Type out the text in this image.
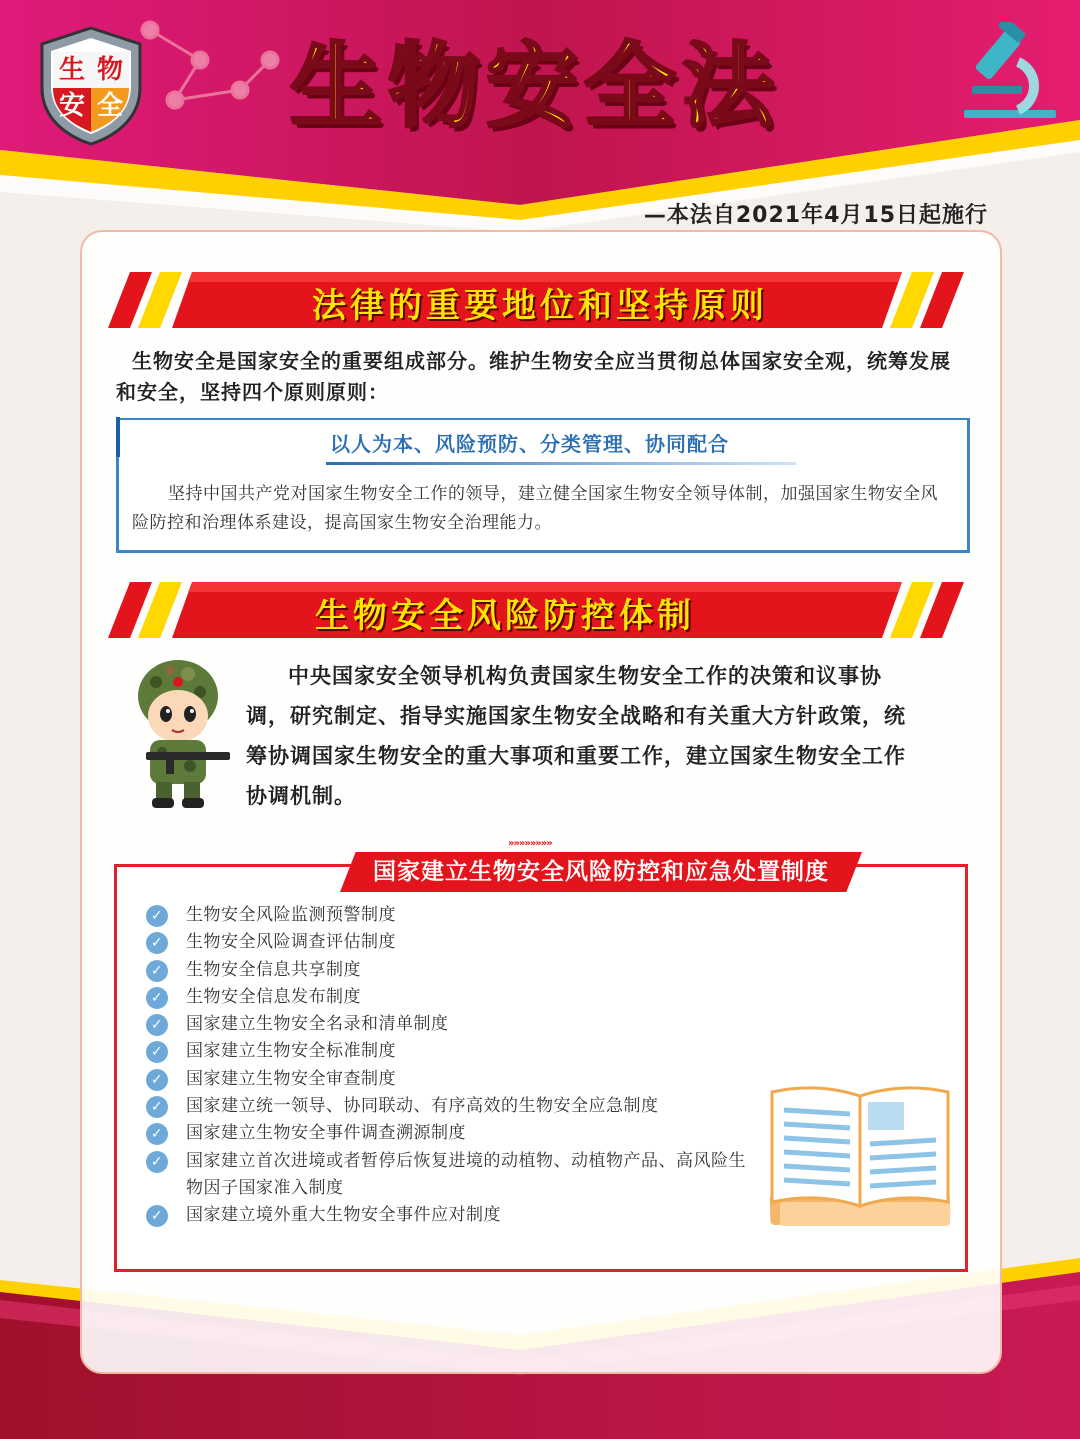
生 物
安 全 生物安全法
—本法自2021年4月15日起施行
法律的重要地位和坚持原则
生物安全是国家安全的重要组成部分。维护生物安全应当贯彻总体国家安全观，统筹发展和安全，坚持四个原则原则：
以人为本、风险预防、分类管理、协同配合
坚持中国共产党对国家生物安全工作的领导，建立健全国家生物安全领导体制，加强国家生物安全风险防控和治理体系建设，提高国家生物安全治理能力。
生物安全风险防控体制
中央国家安全领导机构负责国家生物安全工作的决策和议事协调，研究制定、指导实施国家生物安全战略和有关重大方针政策，统筹协调国家生物安全的重大事项和重要工作，建立国家生物安全工作协调机制。
»»»»»»»»
国家建立生物安全风险防控和应急处置制度
✓ 生物安全风险监测预警制度
✓ 生物安全风险调查评估制度
✓ 生物安全信息共享制度
✓ 生物安全信息发布制度
✓ 国家建立生物安全名录和清单制度
✓ 国家建立生物安全标准制度
✓ 国家建立生物安全审查制度
✓ 国家建立统一领导、协同联动、有序高效的生物安全应急制度
✓ 国家建立生物安全事件调查溯源制度
✓ 国家建立首次进境或者暂停后恢复进境的动植物、动植物产品、高风险生物因子国家准入制度
✓ 国家建立境外重大生物安全事件应对制度
